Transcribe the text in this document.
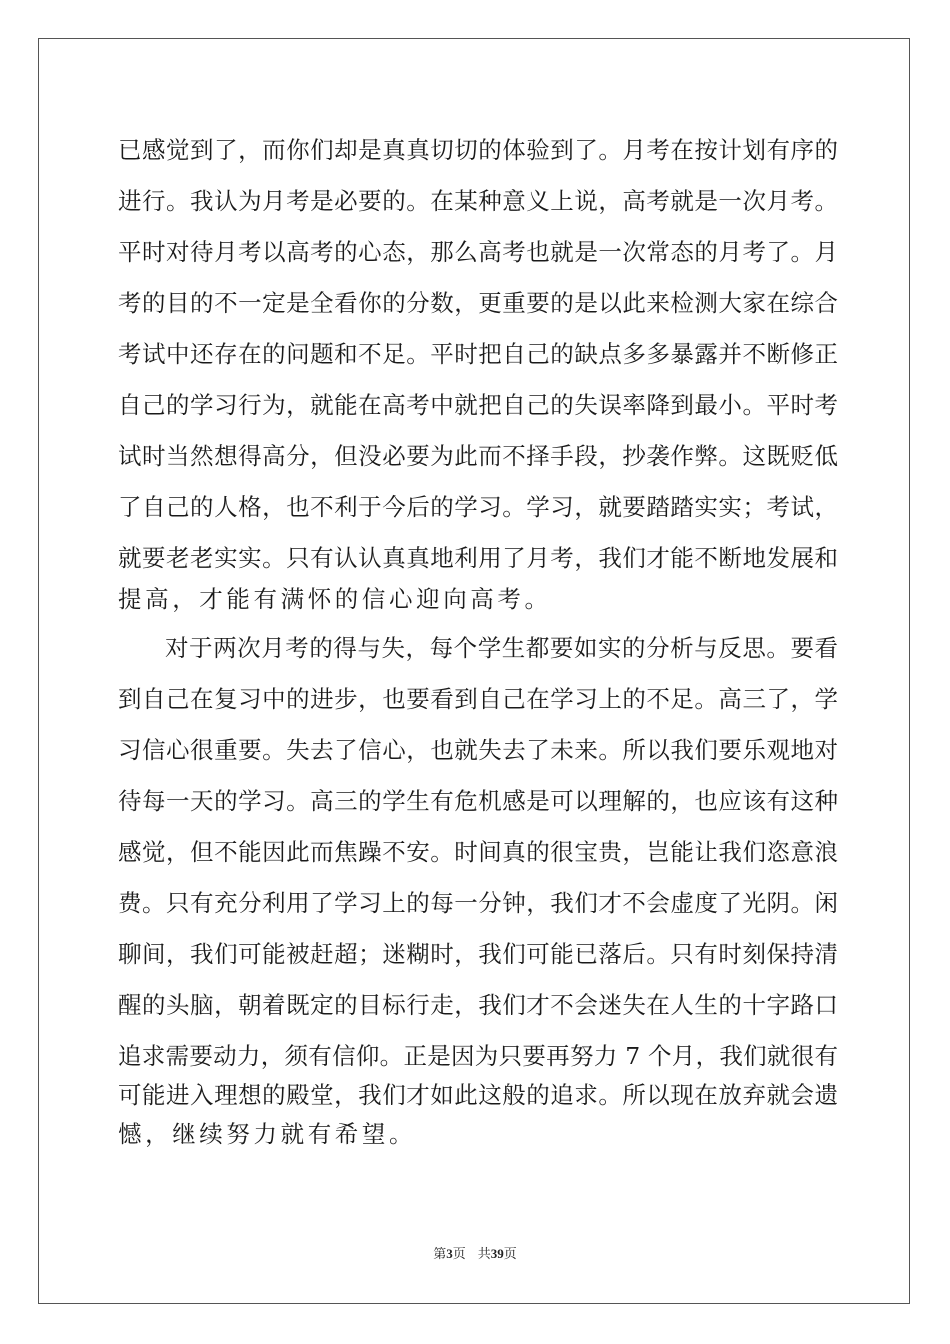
已感觉到了，而你们却是真真切切的体验到了。月考在按计划有序的
进行。我认为月考是必要的。在某种意义上说，高考就是一次月考。
平时对待月考以高考的心态，那么高考也就是一次常态的月考了。月
考的目的不一定是全看你的分数，更重要的是以此来检测大家在综合
考试中还存在的问题和不足。平时把自己的缺点多多暴露并不断修正
自己的学习行为，就能在高考中就把自己的失误率降到最小。平时考
试时当然想得高分，但没必要为此而不择手段，抄袭作弊。这既贬低
了自己的人格，也不利于今后的学习。学习，就要踏踏实实；考试，
就要老老实实。只有认认真真地利用了月考，我们才能不断地发展和
提高，才能有满怀的信心迎向高考。
对于两次月考的得与失，每个学生都要如实的分析与反思。要看
到自己在复习中的进步，也要看到自己在学习上的不足。高三了，学
习信心很重要。失去了信心，也就失去了未来。所以我们要乐观地对
待每一天的学习。高三的学生有危机感是可以理解的，也应该有这种
感觉，但不能因此而焦躁不安。时间真的很宝贵，岂能让我们恣意浪
费。只有充分利用了学习上的每一分钟，我们才不会虚度了光阴。闲
聊间，我们可能被赶超；迷糊时，我们可能已落后。只有时刻保持清
醒的头脑，朝着既定的目标行走，我们才不会迷失在人生的十字路口
追求需要动力，须有信仰。正是因为只要再努力 7 个月，我们就很有
可能进入理想的殿堂，我们才如此这般的追求。所以现在放弃就会遗
憾，继续努力就有希望。
第3页 共39页
